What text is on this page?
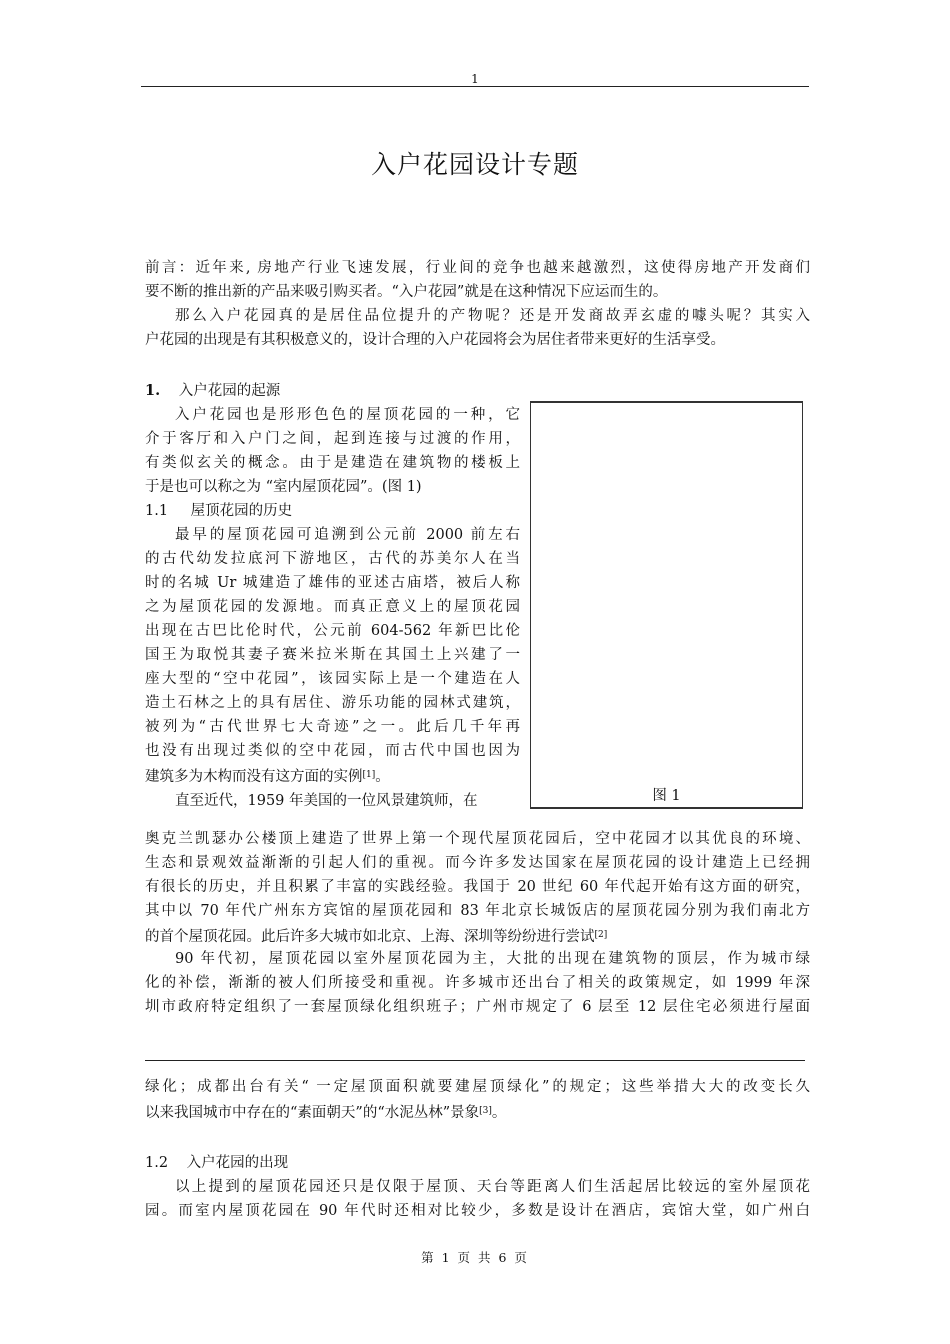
1
入户花园设计专题
前言：近年来, 房地产行业飞速发展，行业间的竞争也越来越激烈，这使得房地产开发商们
要不断的推出新的产品来吸引购买者。“入户花园”就是在这种情况下应运而生的。
那么入户花园真的是居住品位提升的产物呢？还是开发商故弄玄虚的噱头呢？其实入
户花园的出现是有其积极意义的，设计合理的入户花园将会为居住者带来更好的生活享受。
1. 入户花园的起源
入户花园也是形形色色的屋顶花园的一种，它
介于客厅和入户门之间，起到连接与过渡的作用，
有类似玄关的概念。由于是建造在建筑物的楼板上
于是也可以称之为 “室内屋顶花园”。(图 1)
1.1 屋顶花园的历史
最早的屋顶花园可追溯到公元前 2000 前左右
的古代幼发拉底河下游地区，古代的苏美尔人在当
时的名城 Ur 城建造了雄伟的亚述古庙塔，被后人称
之为屋顶花园的发源地。而真正意义上的屋顶花园
出现在古巴比伦时代，公元前 604-562 年新巴比伦
国王为取悦其妻子赛米拉米斯在其国土上兴建了一
座大型的“空中花园”，该园实际上是一个建造在人
造土石林之上的具有居住、游乐功能的园林式建筑，
被列为“古代世界七大奇迹”之一。此后几千年再
也没有出现过类似的空中花园，而古代中国也因为
建筑多为木构而没有这方面的实例[1]。
直至近代，1959 年美国的一位风景建筑师，在	图 1
奥克兰凯瑟办公楼顶上建造了世界上第一个现代屋顶花园后，空中花园才以其优良的环境、
生态和景观效益渐渐的引起人们的重视。而今许多发达国家在屋顶花园的设计建造上已经拥
有很长的历史，并且积累了丰富的实践经验。我国于 20 世纪 60 年代起开始有这方面的研究，
其中以 70 年代广州东方宾馆的屋顶花园和 83 年北京长城饭店的屋顶花园分别为我们南北方
的首个屋顶花园。此后许多大城市如北京、上海、深圳等纷纷进行尝试[2]
90 年代初，屋顶花园以室外屋顶花园为主，大批的出现在建筑物的顶层，作为城市绿
化的补偿，渐渐的被人们所接受和重视。许多城市还出台了相关的政策规定，如 1999 年深
圳市政府特定组织了一套屋顶绿化组织班子；广州市规定了 6 层至 12 层住宅必须进行屋面
绿化；成都出台有关“ 一定屋顶面积就要建屋顶绿化”的规定；这些举措大大的改变长久
以来我国城市中存在的“素面朝天”的“水泥丛林”景象[3]。
1.2 入户花园的出现
以上提到的屋顶花园还只是仅限于屋顶、天台等距离人们生活起居比较远的室外屋顶花
园。而室内屋顶花园在 90 年代时还相对比较少，多数是设计在酒店，宾馆大堂，如广州白
第 1 页 共 6 页
